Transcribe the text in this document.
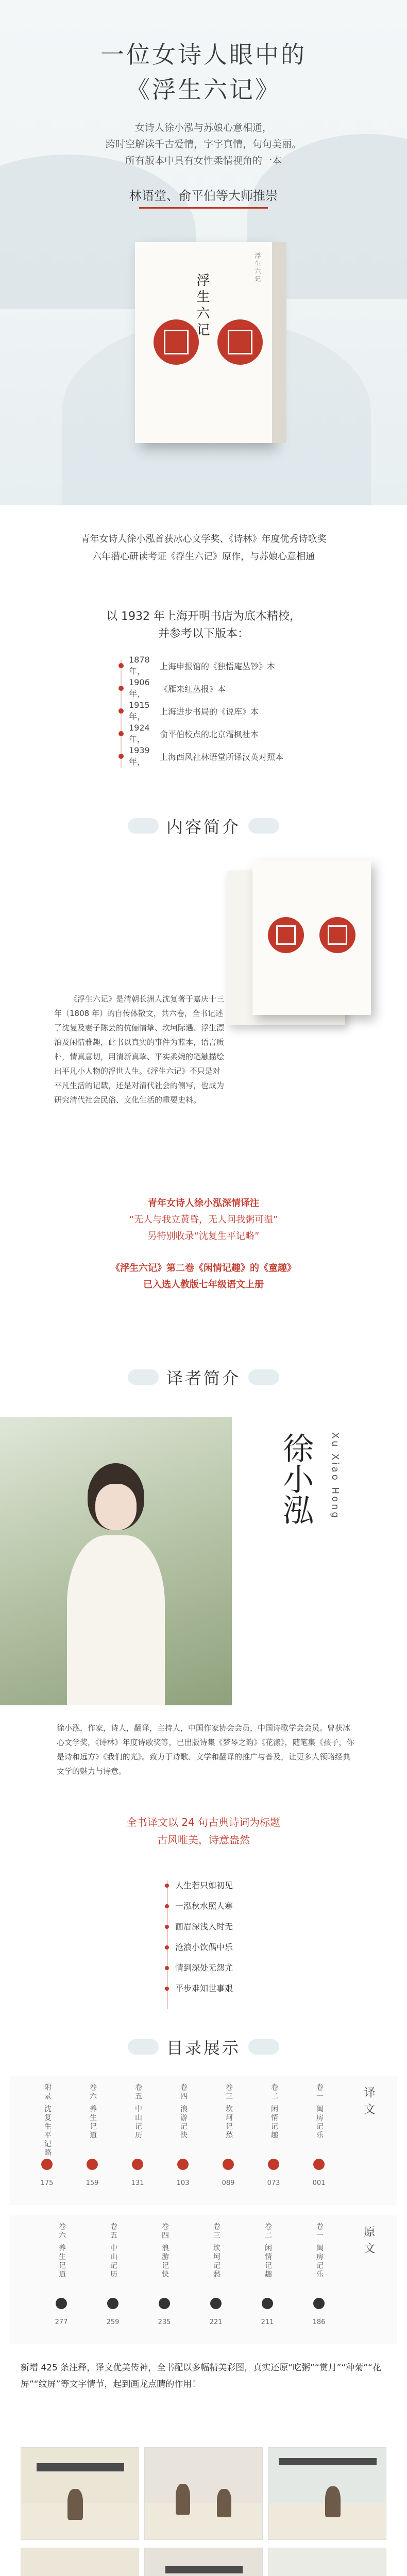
一位女诗人眼中的
《浮生六记》
女诗人徐小泓与苏娘心意相通，
跨时空解读千古爱情，字字真情，句句美丽。
所有版本中具有女性柔情视角的一本
林语堂、俞平伯等大师推崇
浮生六记
浮生六记

青年女诗人徐小泓首获冰心文学奖、《诗林》年度优秀诗歌奖

六年潜心研读考证《浮生六记》原作，与苏娘心意相通

以 1932 年上海开明书店为底本精校，
并参考以下版本：
1878 年，	上海申报馆的《独悟庵丛钞》本
1906 年，	《雁来红丛报》本
1915 年，	上海进步书局的《说库》本
1924 年，	俞平伯校点的北京霜枫社本
1939 年，	上海西风社林语堂所译汉英对照本
内容简介
《浮生六记》是清朝长洲人沈复著于嘉庆十三年（1808 年）的自传体散文，共六卷，全书记述了沈复及妻子陈芸的伉俪情挚、坎坷际遇、浮生漂泊及闲情雅趣，此书以真实的事件为蓝本，语言质朴，情真意切，用清新真挚、平实柔婉的笔触描绘出平凡小人物的浮世人生。《浮生六记》不只是对平凡生活的记载，还是对清代社会的侧写，也成为研究清代社会民俗、文化生活的重要史料。
青年女诗人徐小泓深情译注
“无人与我立黄昏，无人问我粥可温”
另特别收录“沈复生平记略”
《浮生六记》第二卷《闲情记趣》的《童趣》
已入选人教版七年级语文上册
译者简介
徐小泓	Xu Xiao Hong
徐小泓，作家，诗人，翻译，主持人，中国作家协会会员，中国诗歌学会会员。曾获冰心文学奖，《诗林》年度诗歌奖等，已出版诗集《梦琴之韵》《花漾》，随笔集《孩子，你是诗和远方》《我们的光》。致力于诗歌、文学和翻译的推广与普及，让更多人领略经典文学的魅力与诗意。
全书译文以 24 句古典诗词为标题
古风唯美，诗意盎然
人生若只如初见
一泓秋水照人寒
画眉深浅入时无
沧浪小饮偶中乐
情到深处无怨尤
平步难知世事艰
目录展示
译文
卷一 闺房记乐
001
卷二 闲情记趣
073
卷三 坎坷记愁
089
卷四 浪游记快
103
卷五 中山记历
131
卷六 养生记道
159
附录 沈复生平记略
175
原文
卷一 闺房记乐
186
卷二 闲情记趣
211
卷三 坎坷记愁
221
卷四 浪游记快
235
卷五 中山记历
259
卷六 养生记道
277
新增 425 条注释，译文优美传神，全书配以多幅精美彩图，真实还原“吃粥”“赏月”“种菊”“花屏”“纹屏”等文字情节，起到画龙点睛的作用！
